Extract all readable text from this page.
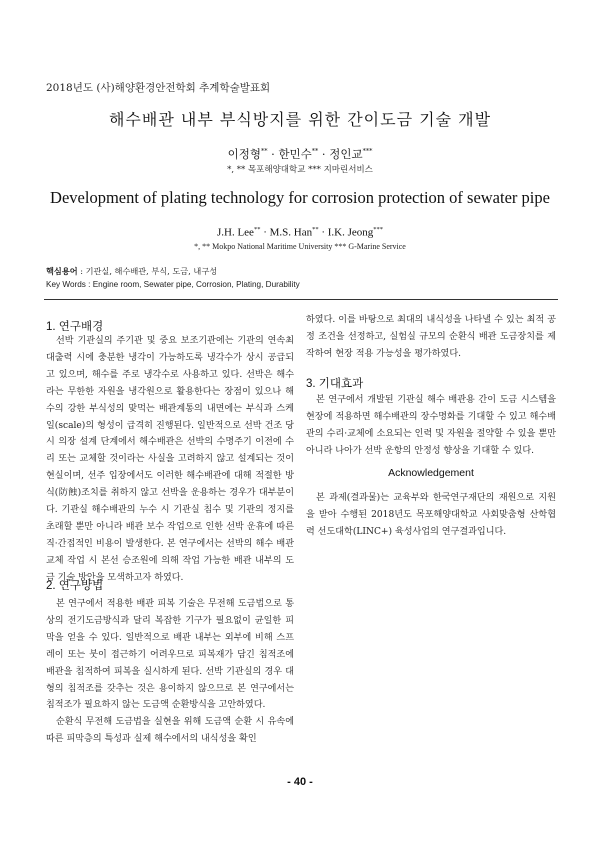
2018년도 (사)해양환경안전학회 추계학술발표회
해수배관 내부 부식방지를 위한 간이도금 기술 개발
이정형** · 한민수** · 정인교***
*, ** 목포해양대학교 *** 지마린서비스
Development of plating technology for corrosion protection of sewater pipe
J.H. Lee** · M.S. Han** · I.K. Jeong***
*, ** Mokpo National Maritime University *** G-Marine Service
핵심용어 : 기관실, 해수배관, 부식, 도금, 내구성
Key Words : Engine room, Sewater pipe, Corrosion, Plating, Durability
1. 연구배경

선박 기관실의 주기관 및 중요 보조기관에는 기관의 연속최대출력 시에 충분한 냉각이 가능하도록 냉각수가 상시 공급되고 있으며, 해수를 주로 냉각수로 사용하고 있다. 선박은 해수라는 무한한 자원을 냉각원으로 활용한다는 장점이 있으나 해수의 강한 부식성의 맞먹는 배관계통의 내면에는 부식과 스케일(scale)의 형성이 급격히 진행된다. 일반적으로 선박 건조 당시 의장 설계 단계에서 해수배관은 선박의 수명주기 이전에 수리 또는 교체할 것이라는 사실을 고려하지 않고 설계되는 것이 현실이며, 선주 입장에서도 이러한 해수배관에 대해 적절한 방식(防蝕)조치를 취하지 않고 선박을 운용하는 경우가 대부분이다. 기관실 해수배관의 누수 시 기관실 침수 및 기관의 정지를 초래할 뿐만 아니라 배관 보수 작업으로 인한 선박 운휴에 따른 직·간접적인 비용이 발생한다. 본 연구에서는 선박의 해수 배관 교체 작업 시 본선 승조원에 의해 작업 가능한 배관 내부의 도금 기술 방안을 모색하고자 하였다.

2. 연구방법

본 연구에서 적용한 배관 피복 기술은 무전해 도금법으로 통상의 전기도금방식과 달리 복잡한 기구가 필요없이 균일한 피막을 얻을 수 있다. 일반적으로 배관 내부는 외부에 비해 스프레이 또는 붓이 접근하기 어려우므로 피복재가 담긴 침적조에 배관을 침적하여 피복을 실시하게 된다. 선박 기관실의 경우 대형의 침적조를 갖추는 것은 용이하지 않으므로 본 연구에서는 침적조가 필요하지 않는 도금액 순환방식을 고안하였다.

순환식 무전해 도금법을 실현을 위해 도금액 순환 시 유속에 따른 피막층의 특성과 실제 해수에서의 내식성을 확인

하였다. 이를 바탕으로 최대의 내식성을 나타낼 수 있는 최적 공정 조건을 선정하고, 실험실 규모의 순환식 배관 도금장치를 제작하여 현장 적용 가능성을 평가하였다.

3. 기대효과

본 연구에서 개발된 기관실 해수 배관용 간이 도금 시스템을 현장에 적용하면 해수배관의 장수명화를 기대할 수 있고 해수배관의 수리·교체에 소요되는 인력 및 자원을 절약할 수 있을 뿐만 아니라 나아가 선박 운항의 안정성 향상을 기대할 수 있다.

Acknowledgement

본 과제(결과물)는 교육부와 한국연구재단의 재원으로 지원을 받아 수행된 2018년도 목포해양대학교 사회맞춤형 산학협력 선도대학(LINC+) 육성사업의 연구결과입니다.

- 40 -
